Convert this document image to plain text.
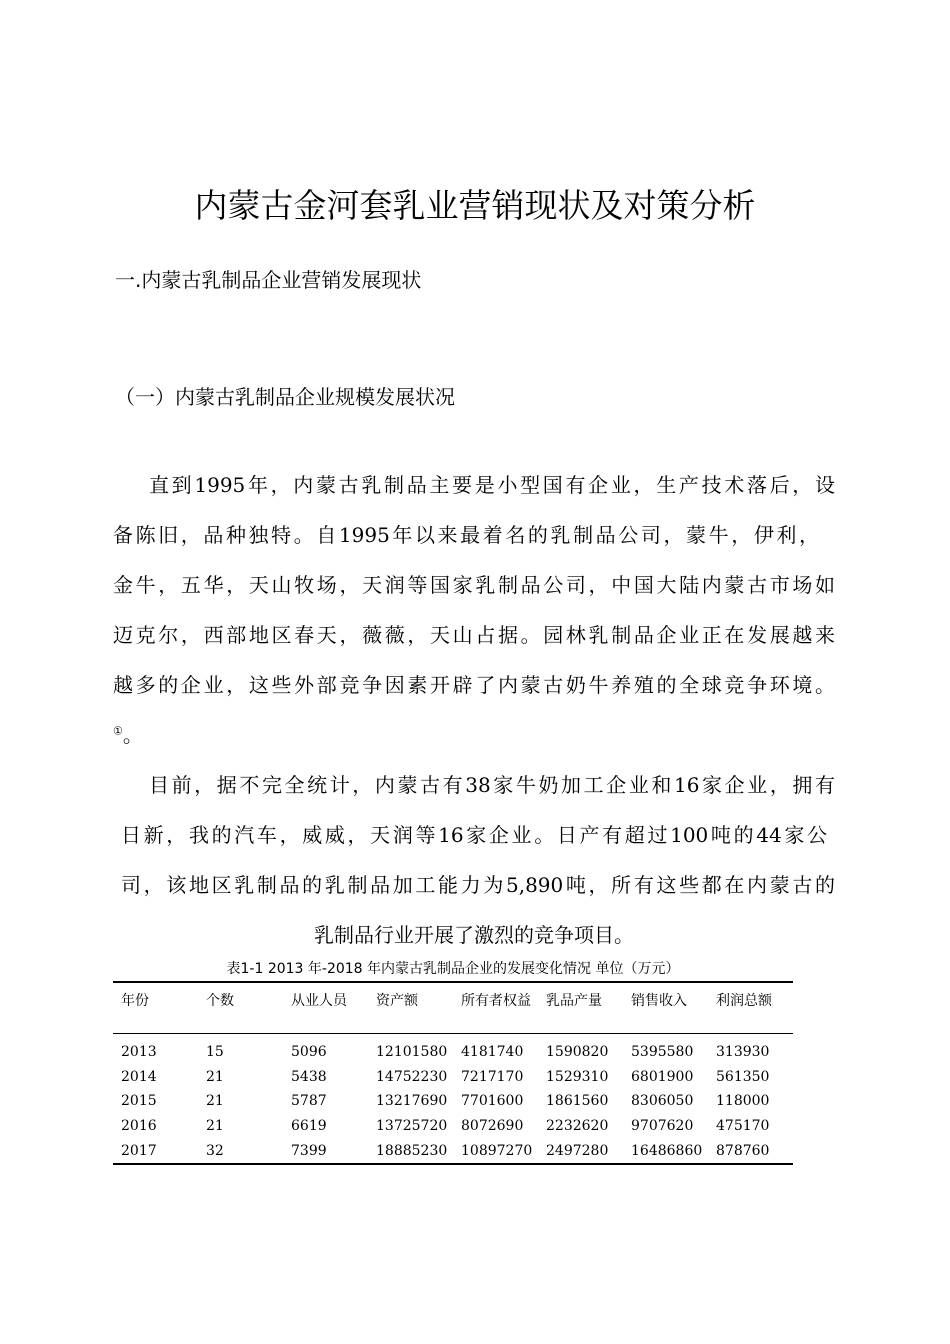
内蒙古金河套乳业营销现状及对策分析
一.内蒙古乳制品企业营销发展现状
（一）内蒙古乳制品企业规模发展状况
直到1995年，内蒙古乳制品主要是小型国有企业，生产技术落后，设
备陈旧，品种独特。自1995年以来最着名的乳制品公司，蒙牛，伊利，
金牛，五华，天山牧场，天润等国家乳制品公司，中国大陆内蒙古市场如
迈克尔，西部地区春天，薇薇，天山占据。园林乳制品企业正在发展越来
越多的企业，这些外部竞争因素开辟了内蒙古奶牛养殖的全球竞争环境。
①。
目前，据不完全统计，内蒙古有38家牛奶加工企业和16家企业，拥有
日新，我的汽车，威威，天润等16家企业。日产有超过100吨的44家公
司，该地区乳制品的乳制品加工能力为5,890吨，所有这些都在内蒙古的
乳制品行业开展了激烈的竞争项目。
表1-1 2013 年-2018 年内蒙古乳制品企业的发展变化情况 单位（万元）
年份	个数	从业人员	资产额	所有者权益	乳品产量	销售收入	利润总额
2013	15	5096	12101580	4181740	1590820	5395580	313930
2014	21	5438	14752230	7217170	1529310	6801900	561350
2015	21	5787	13217690	7701600	1861560	8306050	118000
2016	21	6619	13725720	8072690	2232620	9707620	475170
2017	32	7399	18885230	10897270	2497280	16486860	878760
